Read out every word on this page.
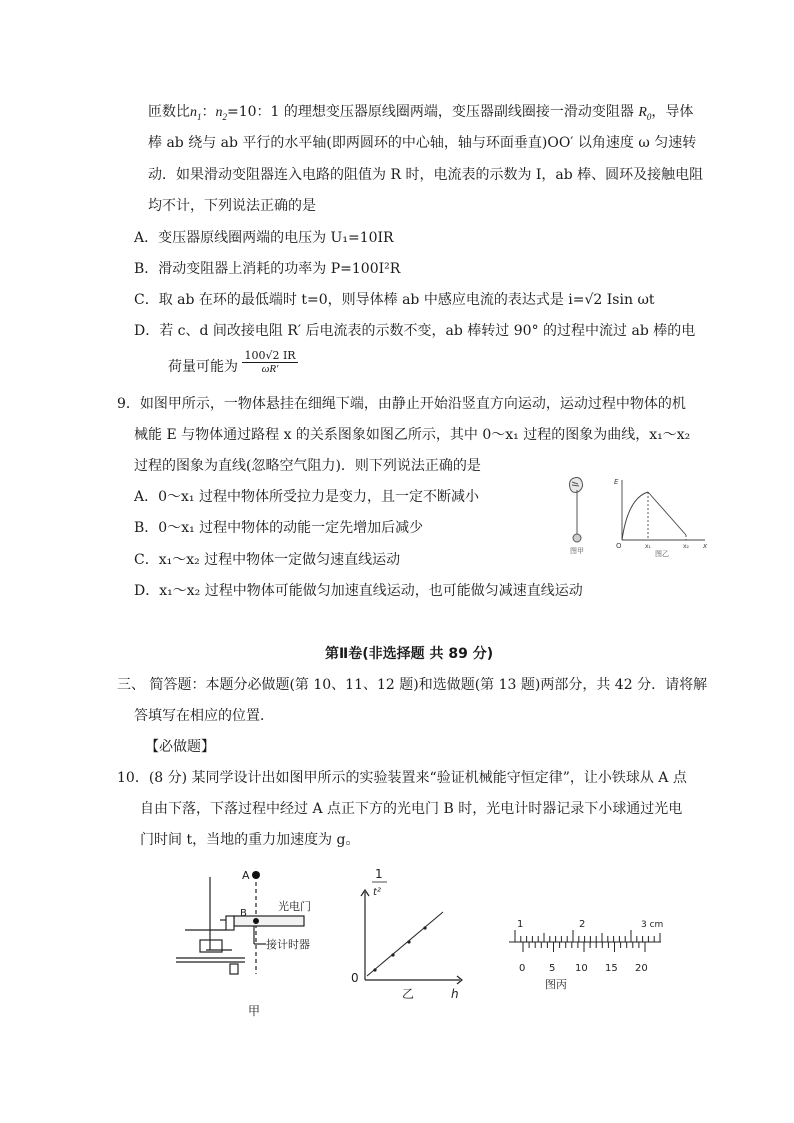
匝数比$n_1$：$n_2=10$：1 的理想变压器原线圈两端，变压器副线圈接一滑动变阻器 $R_0$，导体
棒 ab 绕与 ab 平行的水平轴(即两圆环的中心轴，轴与环面垂直)OO′ 以角速度 ω 匀速转
动．如果滑动变阻器连入电路的阻值为 R 时，电流表的示数为 I，ab 棒、圆环及接触电阻
均不计，下列说法正确的是
A．变压器原线圈两端的电压为 U₁=10IR
B．滑动变阻器上消耗的功率为 P=100I²R
C．取 ab 在环的最低端时 t=0，则导体棒 ab 中感应电流的表达式是 i=√2 Isin ωt
D．若 c、d 间改接电阻 R′ 后电流表的示数不变，ab 棒转过 90° 的过程中流过 ab 棒的电
荷量可能为 $\frac{100√2 IR}{\omega R'}$
9．如图甲所示，一物体悬挂在细绳下端，由静止开始沿竖直方向运动，运动过程中物体的机
械能 E 与物体通过路程 x 的关系图象如图乙所示，其中 0～x₁ 过程的图象为曲线，x₁～x₂
过程的图象为直线(忽略空气阻力)．则下列说法正确的是
A．0～x₁ 过程中物体所受拉力是变力，且一定不断减小
B．0～x₁ 过程中物体的动能一定先增加后减少
C．x₁～x₂ 过程中物体一定做匀速直线运动
D．x₁～x₂ 过程中物体可能做匀加速直线运动，也可能做匀减速直线运动
图甲
E
x
O	x₁	x₂
图乙
第Ⅱ卷(非选择题 共 89 分)
三、 简答题：本题分必做题(第 10、11、12 题)和选做题(第 13 题)两部分，共 42 分．请将解
答填写在相应的位置．
【必做题】
10．(8 分) 某同学设计出如图甲所示的实验装置来“验证机械能守恒定律”，让小铁球从 A 点
自由下落，下落过程中经过 A 点正下方的光电门 B 时，光电计时器记录下小球通过光电
门时间 t，当地的重力加速度为 g。
A
B
光电门
接计时器
甲
1
t²
0
h
乙
1	2	3 cm
0 5 10 15 20
图丙
